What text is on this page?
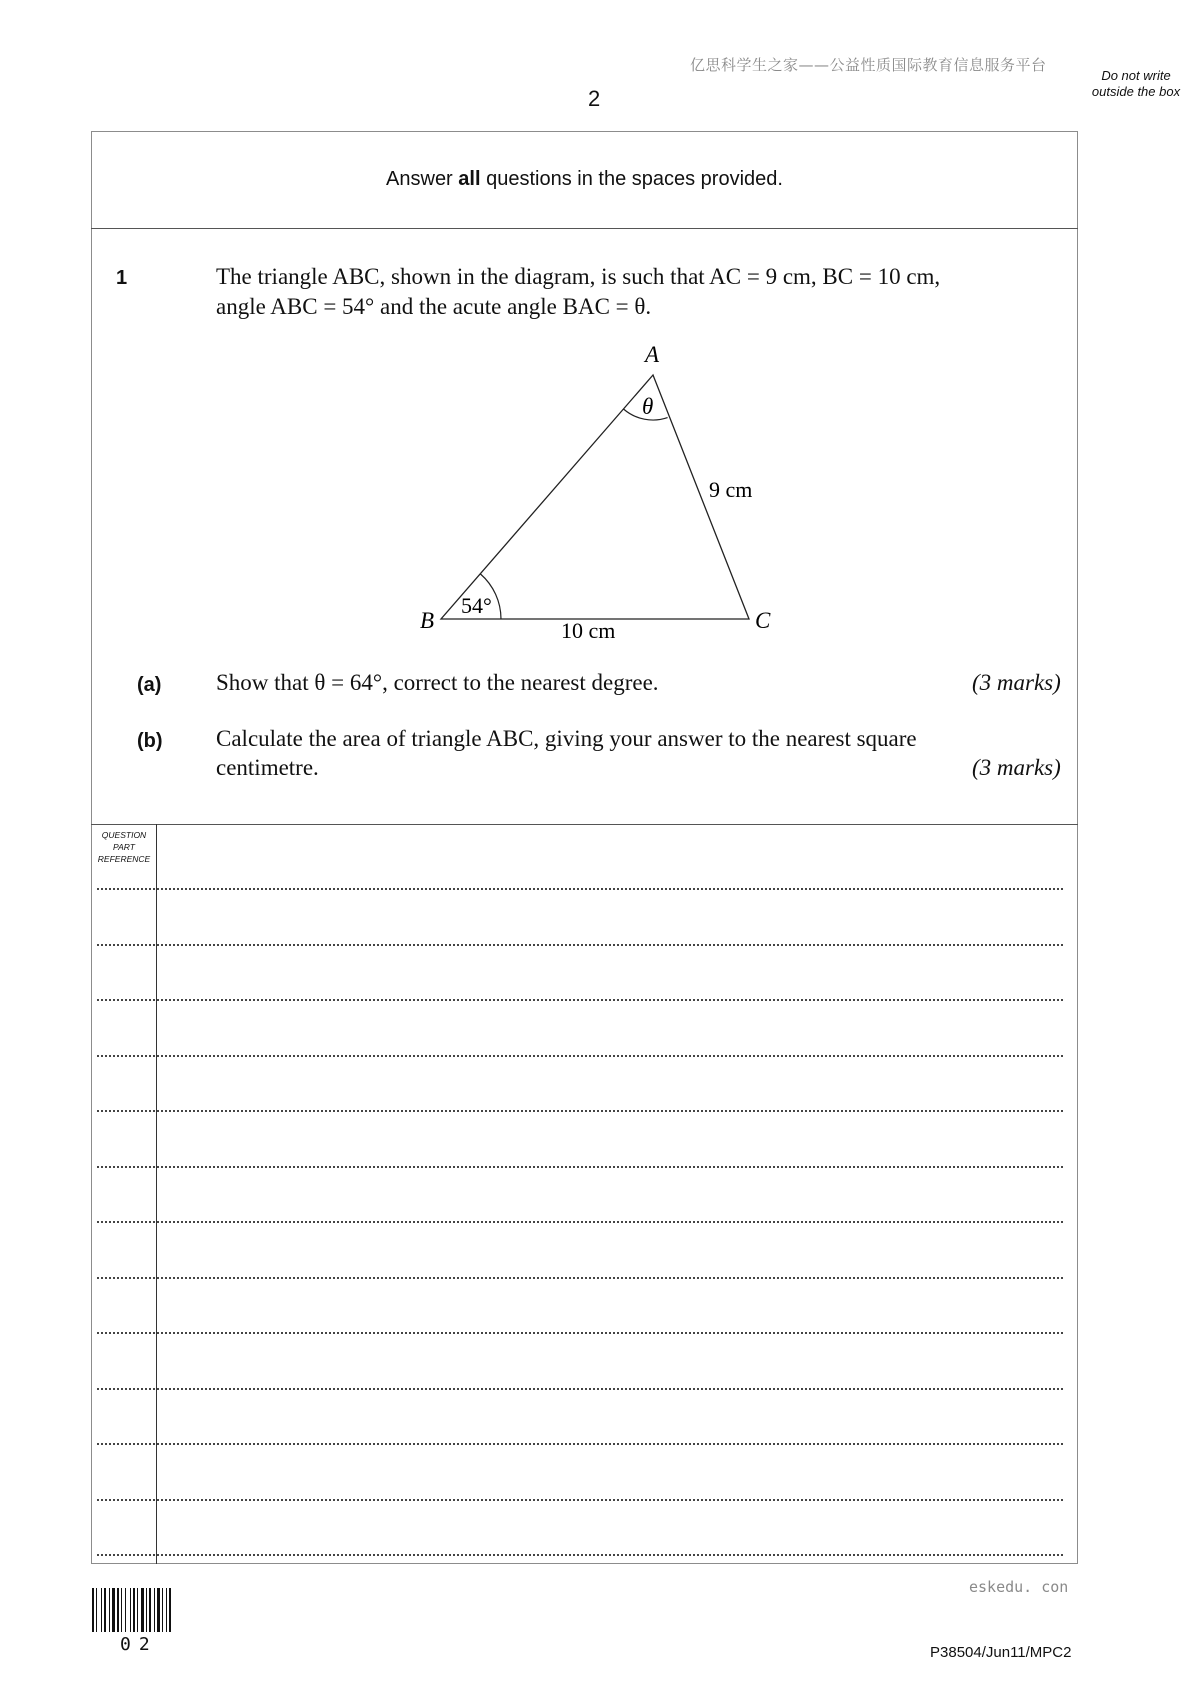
亿思科学生之家——公益性质国际教育信息服务平台
2
Do not write outside the box
Answer all questions in the spaces provided.
1	The triangle ABC, shown in the diagram, is such that AC = 9 cm, BC = 10 cm,
angle ABC = 54° and the acute angle BAC = θ.
A
B	C
θ
54°
9 cm
10 cm
(a) Show that θ = 64°, correct to the nearest degree.	(3 marks)
(b) Calculate the area of triangle ABC, giving your answer to the nearest square
centimetre.	(3 marks)
QUESTION PART REFERENCE
eskedu. con
02	P38504/Jun11/MPC2
